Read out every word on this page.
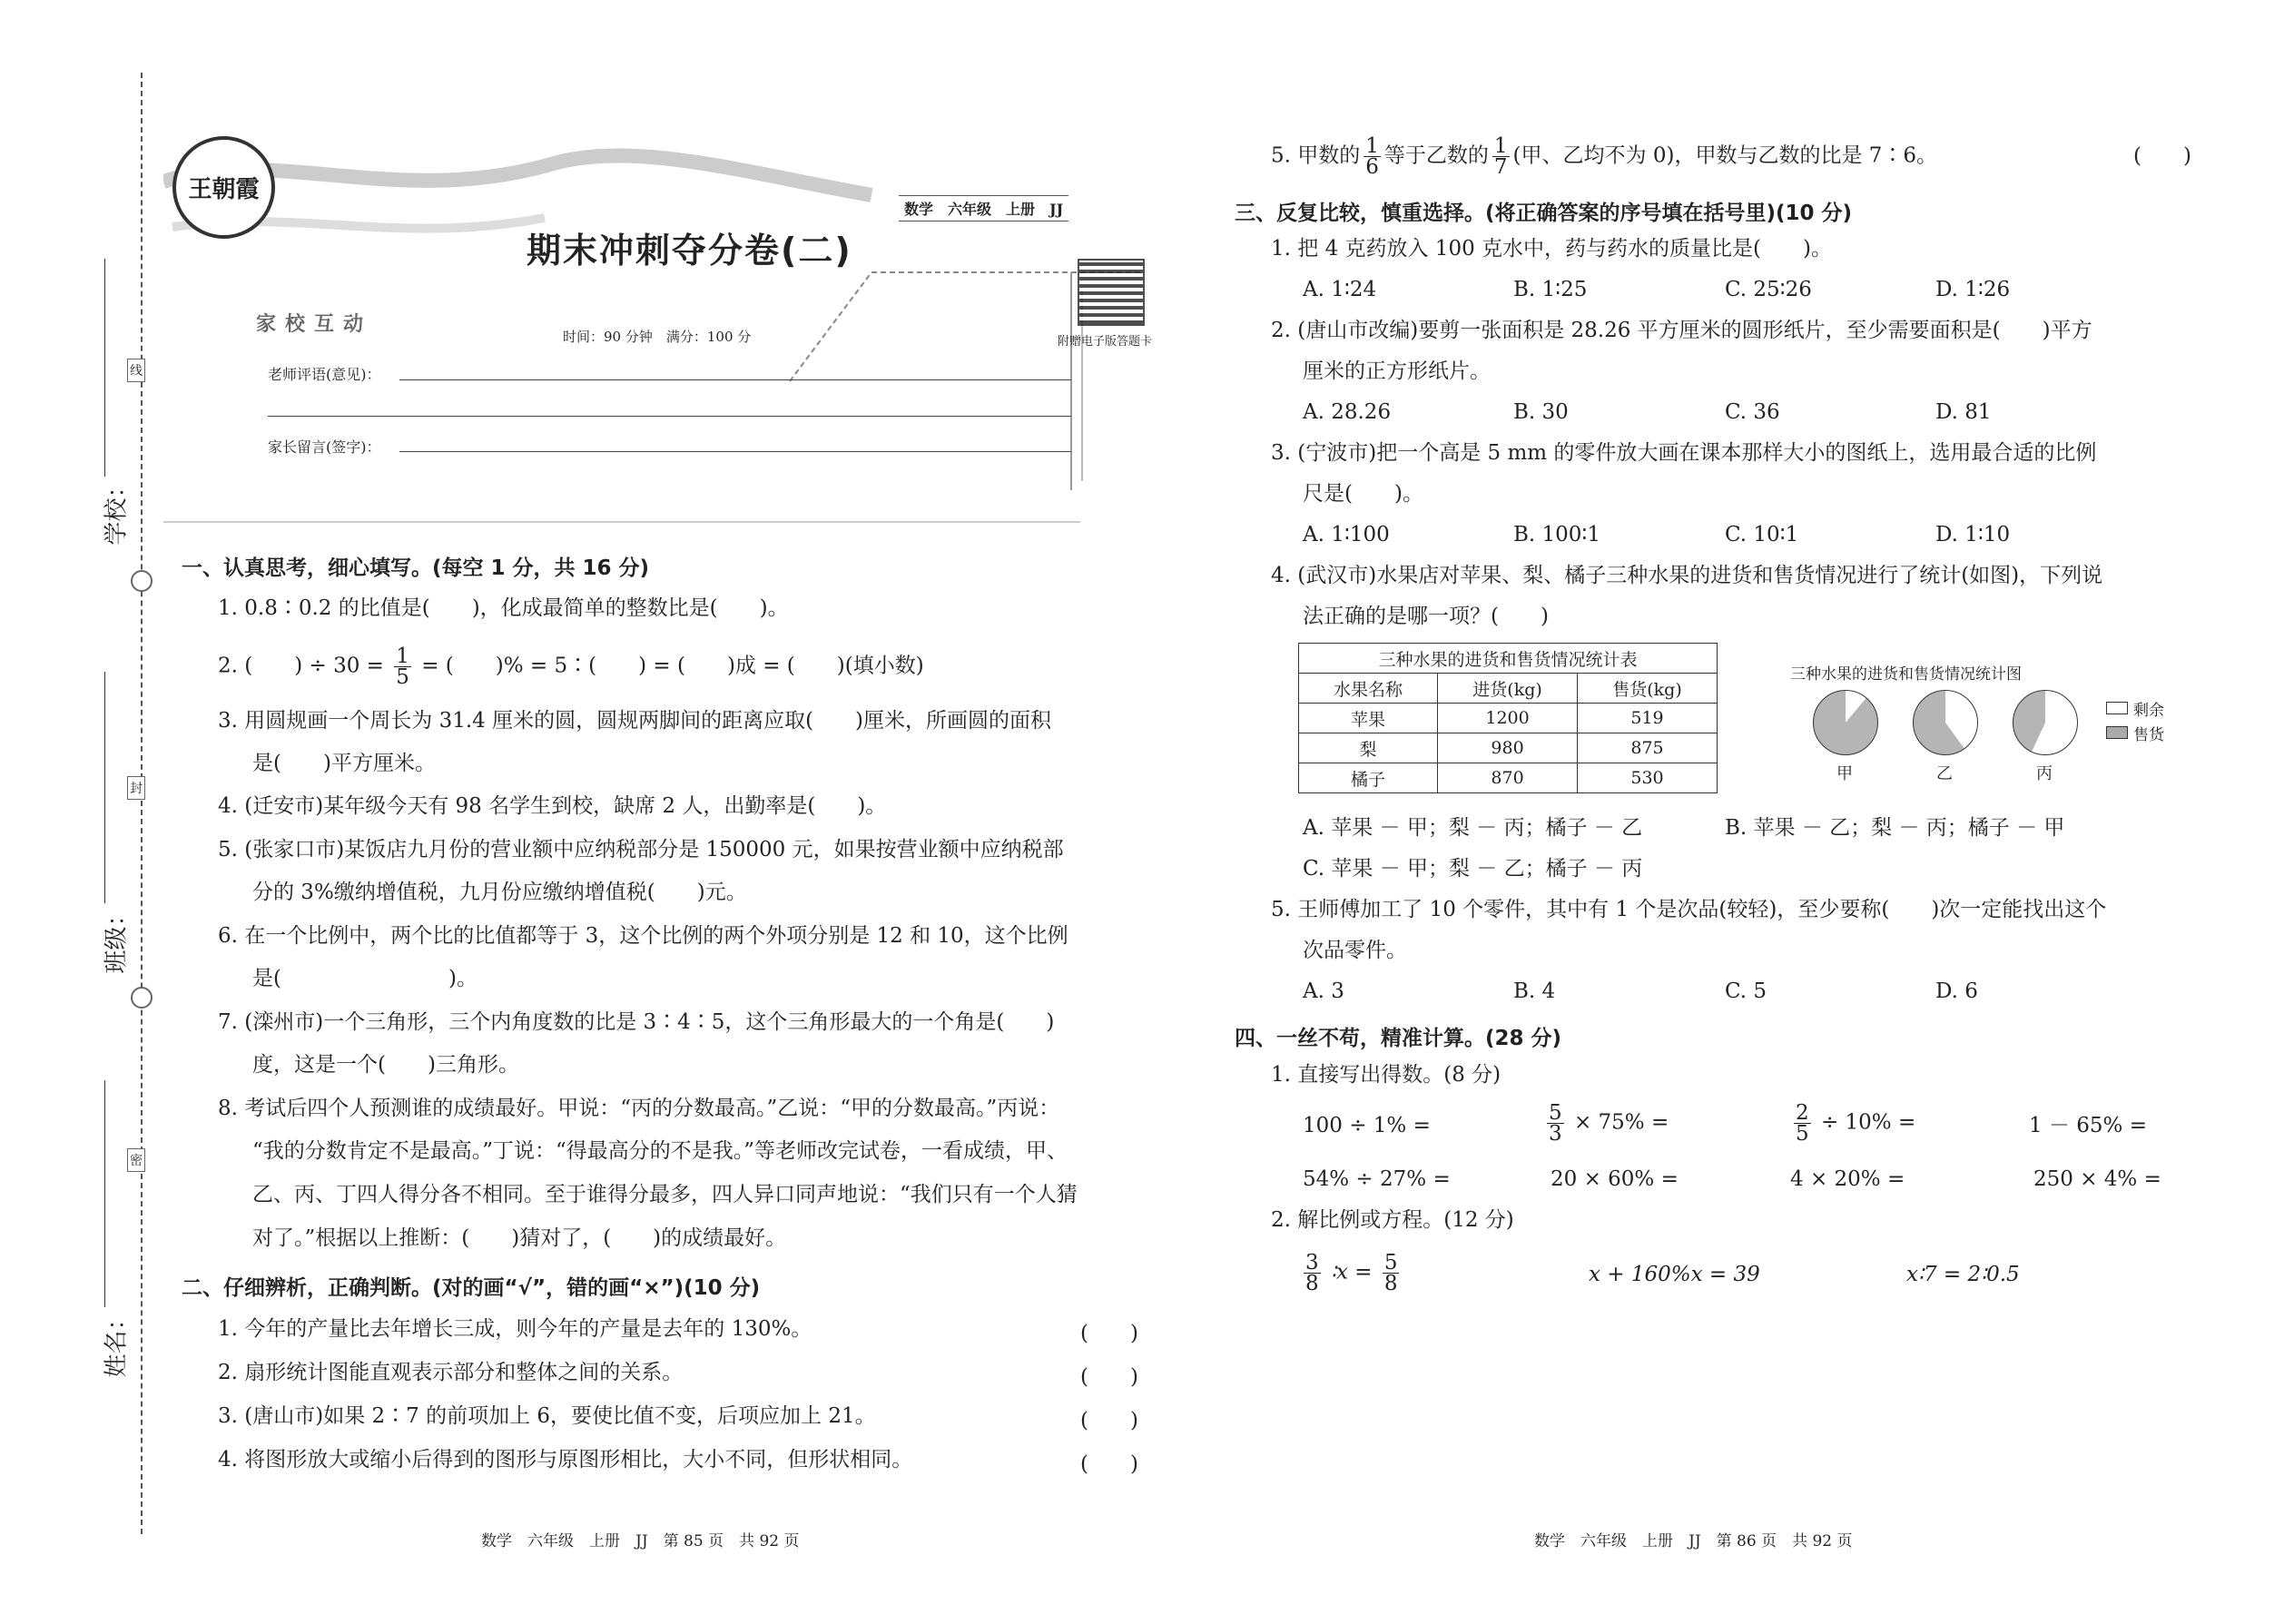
线
封
密
学校：
班级：
姓名：
王朝霞
数学　六年级　上册　JJ
期末冲刺夺分卷(二)
附赠电子版答题卡
家校互动
时间：90 分钟　满分：100 分
老师评语(意见)：
家长留言(签字)：
一、认真思考，细心填写。(每空 1 分，共 16 分)
1. 0.8∶0.2 的比值是(　　)，化成最简单的整数比是(　　)。
2. (　　) ÷ $30 = \frac{1}{5}$ = (　　)% = 5∶(　　) = (　　)成 = (　　)(填小数)
3. 用圆规画一个周长为 31.4 厘米的圆，圆规两脚间的距离应取(　　)厘米，所画圆的面积
是(　　)平方厘米。
4. (迁安市)某年级今天有 98 名学生到校，缺席 2 人，出勤率是(　　)。
5. (张家口市)某饭店九月份的营业额中应纳税部分是 150000 元，如果按营业额中应纳税部
分的 3%缴纳增值税，九月份应缴纳增值税(　　)元。
6. 在一个比例中，两个比的比值都等于 3，这个比例的两个外项分别是 12 和 10，这个比例
是(　　　　　　　　)。
7. (滦州市)一个三角形，三个内角度数的比是 3∶4∶5，这个三角形最大的一个角是(　　)
度，这是一个(　　)三角形。
8. 考试后四个人预测谁的成绩最好。甲说：“丙的分数最高。”乙说：“甲的分数最高。”丙说：
“我的分数肯定不是最高。”丁说：“得最高分的不是我。”等老师改完试卷，一看成绩，甲、
乙、丙、丁四人得分各不相同。至于谁得分最多，四人异口同声地说：“我们只有一个人猜
对了。”根据以上推断：(　　)猜对了，(　　)的成绩最好。
二、仔细辨析，正确判断。(对的画“√”，错的画“×”)(10 分)
1. 今年的产量比去年增长三成，则今年的产量是去年的 130%。	(　　)
2. 扇形统计图能直观表示部分和整体之间的关系。	(　　)
3. (唐山市)如果 2∶7 的前项加上 6，要使比值不变，后项应加上 21。	(　　)
4. 将图形放大或缩小后得到的图形与原图形相比，大小不同，但形状相同。	(　　)
数学　六年级　上册　JJ　第 85 页　共 92 页
5. 甲数的 $\frac{1}{6}$ 等于乙数的 $\frac{1}{7}$ (甲、乙均不为 0)，甲数与乙数的比是 7∶6。	(　　)
三、反复比较，慎重选择。(将正确答案的序号填在括号里)(10 分)
1. 把 4 克药放入 100 克水中，药与药水的质量比是(　　)。
A. 1∶24	B. 1∶25	C. 25∶26	D. 1∶26
2. (唐山市改编)要剪一张面积是 28.26 平方厘米的圆形纸片，至少需要面积是(　　)平方
厘米的正方形纸片。
A. 28.26	B. 30	C. 36	D. 81
3. (宁波市)把一个高是 5 mm 的零件放大画在课本那样大小的图纸上，选用最合适的比例
尺是(　　)。
A. 1∶100	B. 100∶1	C. 10∶1	D. 1∶10
4. (武汉市)水果店对苹果、梨、橘子三种水果的进货和售货情况进行了统计(如图)，下列说
法正确的是哪一项？(　　)
三种水果的进货和售货情况统计表		
水果名称	进货(kg)	售货(kg)
苹果	1200	519
梨	980	875
橘子	870	530
三种水果的进货和售货情况统计图
甲	乙	丙
剩余
售货
A. 苹果 － 甲；梨 － 丙；橘子 － 乙	B. 苹果 － 乙；梨 － 丙；橘子 － 甲
C. 苹果 － 甲；梨 － 乙；橘子 － 丙
5. 王师傅加工了 10 个零件，其中有 1 个是次品(较轻)，至少要称(　　)次一定能找出这个
次品零件。
A. 3	B. 4	C. 5	D. 6
四、一丝不苟，精准计算。(28 分)
1. 直接写出得数。(8 分)
100 ÷ 1% =	$\frac{5}{3} \times 75\%$ =	$\frac{2}{5} \div 10\%$ =	1 － 65% =
54% ÷ 27% =	20 × 60% =	4 × 20% =	250 × 4% =
2. 解比例或方程。(12 分)
$\frac{3}{8}$ ∶x = $\frac{5}{8}$	x + 160%x = 39	x∶7 = 2∶0.5
数学　六年级　上册　JJ　第 86 页　共 92 页
